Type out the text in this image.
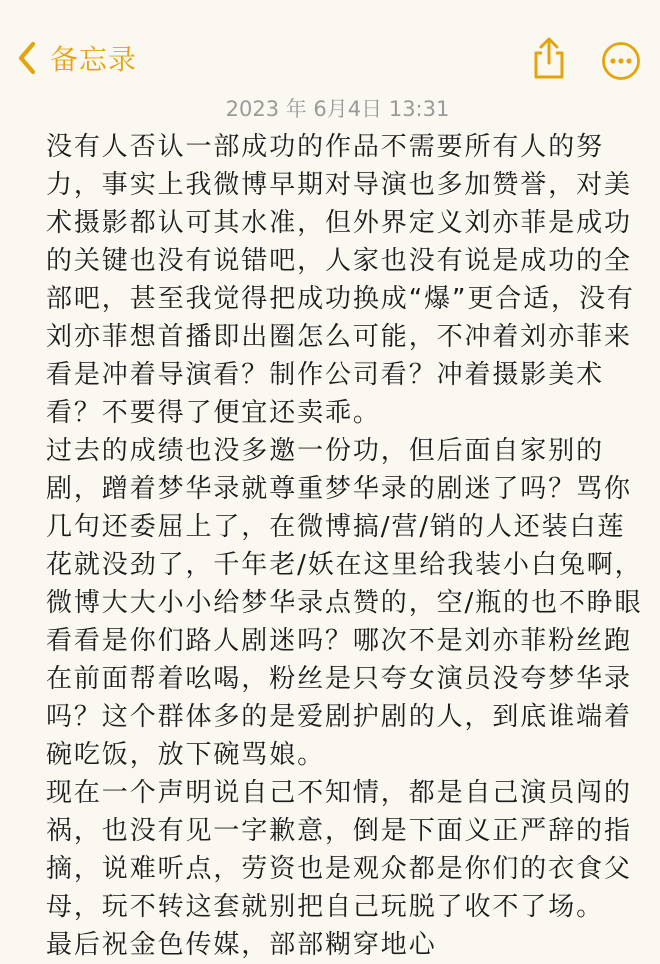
备忘录
2023 年 6月4日 13:31
没有人否认一部成功的作品不需要所有人的努
力，事实上我微博早期对导演也多加赞誉，对美
术摄影都认可其水准，但外界定义刘亦菲是成功
的关键也没有说错吧，人家也没有说是成功的全
部吧，甚至我觉得把成功换成“爆”更合适，没有
刘亦菲想首播即出圈怎么可能，不冲着刘亦菲来
看是冲着导演看？制作公司看？冲着摄影美术
看？不要得了便宜还卖乖。
过去的成绩也没多邀一份功，但后面自家别的
剧，蹭着梦华录就尊重梦华录的剧迷了吗？骂你
几句还委屈上了，在微博搞/营/销的人还装白莲
花就没劲了，千年老/妖在这里给我装小白兔啊，
微博大大小小给梦华录点赞的，空/瓶的也不睁眼
看看是你们路人剧迷吗？哪次不是刘亦菲粉丝跑
在前面帮着吆喝，粉丝是只夸女演员没夸梦华录
吗？这个群体多的是爱剧护剧的人，到底谁端着
碗吃饭，放下碗骂娘。
现在一个声明说自己不知情，都是自己演员闯的
祸，也没有见一字歉意，倒是下面义正严辞的指
摘，说难听点，劳资也是观众都是你们的衣食父
母，玩不转这套就别把自己玩脱了收不了场。
最后祝金色传媒，部部糊穿地心
